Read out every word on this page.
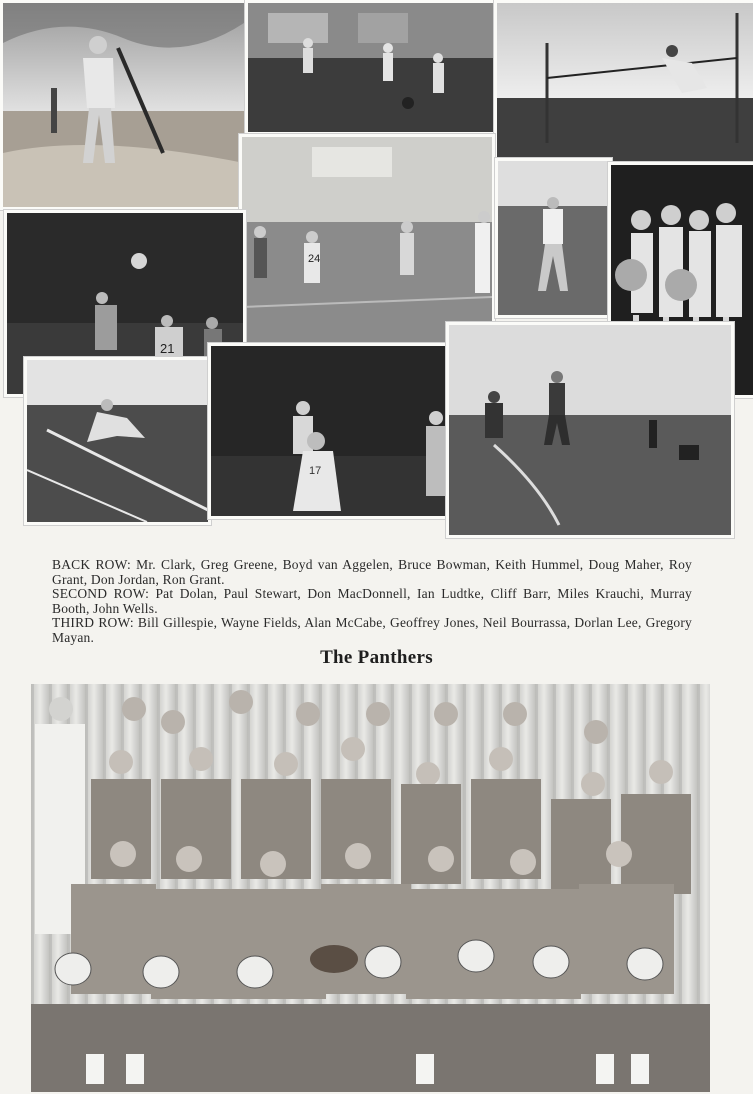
24
21
17
BACK ROW: Mr. Clark, Greg Greene, Boyd van Aggelen, Bruce Bowman, Keith Hummel, Doug Maher, Roy Grant, Don Jordan, Ron Grant.
SECOND ROW: Pat Dolan, Paul Stewart, Don MacDonnell, Ian Ludtke, Cliff Barr, Miles Krauchi, Murray Booth, John Wells.
THIRD ROW: Bill Gillespie, Wayne Fields, Alan McCabe, Geoffrey Jones, Neil Bourrassa, Dorlan Lee, Gregory Mayan.
The Panthers
